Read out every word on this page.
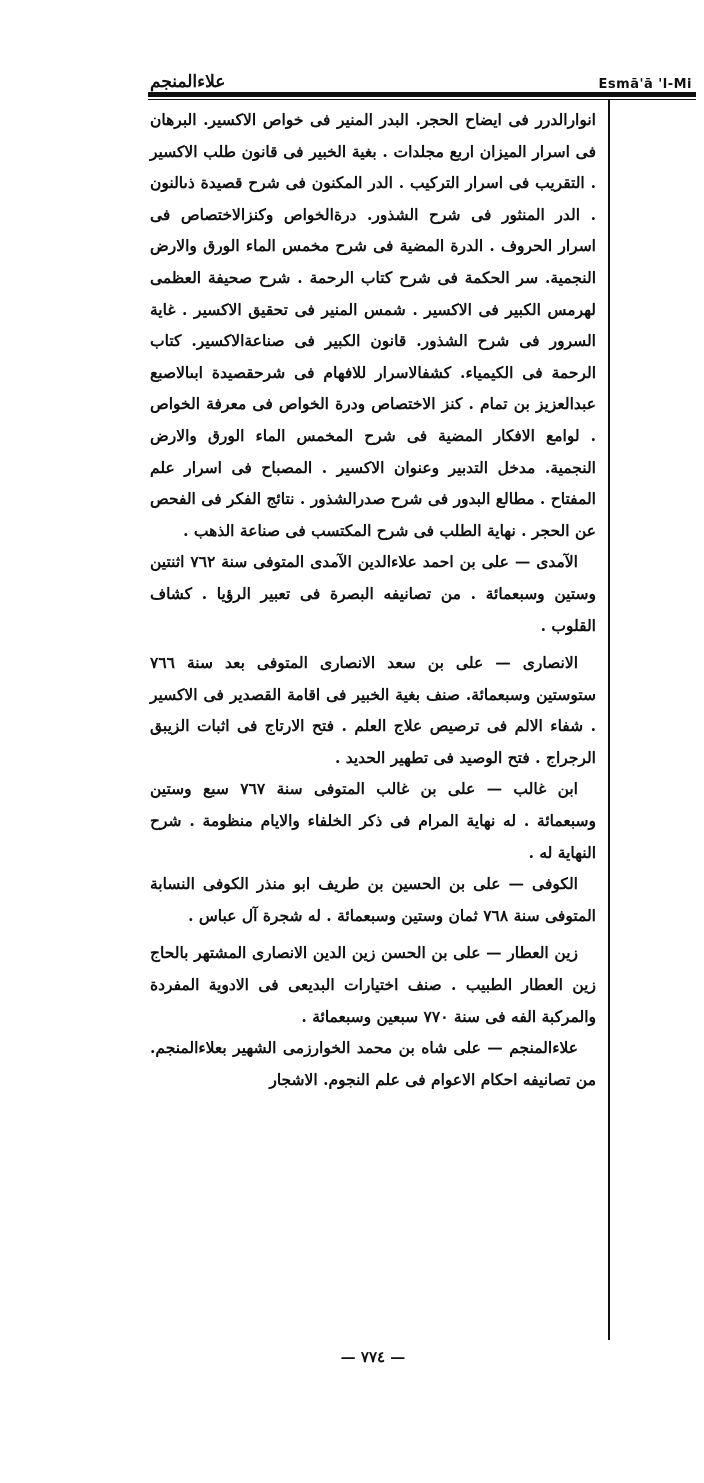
علاءالمنجم	Esmā'ā 'l-Mi

انوارالدرر فى ايضاح الحجر. البدر المنير فى خواص الاكسير. البرهان فى اسرار الميزان اربع مجلدات . بغية الخبير فى قانون طلب الاكسير . التقريب فى اسرار التركيب . الدر المكنون فى شرح قصيدة ذىالنون . الدر المنثور فى شرح الشذور. درةالخواص وكنزالاختصاص فى اسرار الحروف . الدرة المضية فى شرح مخمس الماء الورق والارض النجمية. سر الحكمة فى شرح كتاب الرحمة . شرح صحيفة العظمى لهرمس الكبير فى الاكسير . شمس المنير فى تحقيق الاكسير . غاية السرور فى شرح الشذور. قانون الكبير فى صناعةالاكسير. كتاب الرحمة فى الكيمياء. كشفالاسرار للافهام فى شرحقصيدة ابىالاصبع عبدالعزيز بن تمام . كنز الاختصاص ودرة الخواص فى معرفة الخواص . لوامع الافكار المضية فى شرح المخمس الماء الورق والارض النجمية. مدخل التدبير وعنوان الاكسير . المصباح فى اسرار علم المفتاح . مطالع البدور فى شرح صدرالشذور . نتائج الفكر فى الفحص عن الحجر . نهاية الطلب فى شرح المكتسب فى صناعة الذهب .

الآمدى — على بن احمد علاءالدين الآمدى المتوفى سنة ٧٦٢ اثنتين وستين وسبعمائة . من تصانيفه البصرة فى تعبير الرؤيا . كشاف القلوب .

الانصارى — على بن سعد الانصارى المتوفى بعد سنة ٧٦٦ ستوستين وسبعمائة. صنف بغية الخبير فى اقامة القصدير فى الاكسير . شفاء الالم فى ترصيص علاج العلم . فتح الارتاج فى اثبات الزيبق الرجراج . فتح الوصيد فى تطهير الحديد .

ابن غالب — على بن غالب المتوفى سنة ٧٦٧ سبع وستين وسبعمائة . له نهاية المرام فى ذكر الخلفاء والايام منظومة . شرح النهاية له .

الكوفى — على بن الحسين بن طريف ابو منذر الكوفى النسابة المتوفى سنة ٧٦٨ ثمان وستين وسبعمائة . له شجرة آل عباس .

زين العطار — على بن الحسن زين الدين الانصارى المشتهر بالحاج زين العطار الطبيب . صنف اختيارات البديعى فى الادوية المفردة والمركبة الفه فى سنة ٧٧٠ سبعين وسبعمائة .

علاءالمنجم — على شاه بن محمد الخوارزمى الشهير بعلاءالمنجم. من تصانيفه احكام الاعوام فى علم النجوم. الاشجار

— ٧٧٤ —
